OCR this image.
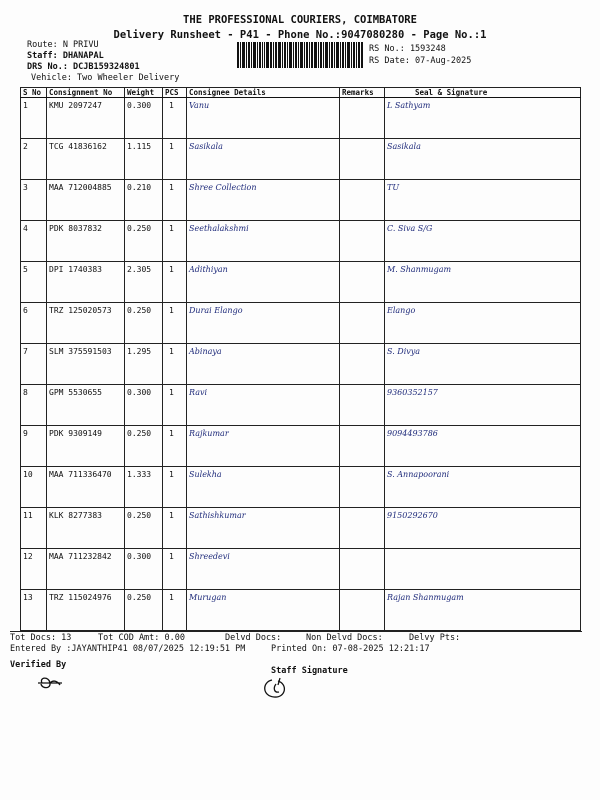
THE PROFESSIONAL COURIERS, COIMBATORE
Delivery Runsheet - P41 - Phone No.:9047080280 - Page No.:1
Route: N PRIVU
Staff: DHANAPAL
DRS No.: DCJB159324801
Vehicle: Two Wheeler Delivery
RS No.: 1593248
RS Date: 07-Aug-2025
S No	Consignment No	Weight	PCS	Consignee Details	Remarks	Seal & Signature
1	KMU 2097247	0.300	1	Vanu		L Sathyam
2	TCG 41836162	1.115	1	Sasikala		Sasikala
3	MAA 712004885	0.210	1	Shree Collection		TU
4	PDK 8037832	0.250	1	Seethalakshmi		C. Siva S/G
5	DPI 1740383	2.305	1	Adithiyan		M. Shanmugam
6	TRZ 125020573	0.250	1	Durai Elango		Elango
7	SLM 375591503	1.295	1	Abinaya		S. Divya
8	GPM 5530655	0.300	1	Ravi		9360352157
9	PDK 9309149	0.250	1	Rajkumar		9094493786
10	MAA 711336470	1.333	1	Sulekha		S. Annapoorani
11	KLK 8277383	0.250	1	Sathishkumar		9150292670
12	MAA 711232842	0.300	1	Shreedevi		
13	TRZ 115024976	0.250	1	Murugan		Rajan Shanmugam
Tot Docs: 13	Tot COD Amt: 0.00	Delvd Docs:	Non Delvd Docs:	Delvy Pts:
Entered By :JAYANTHIP41 08/07/2025 12:19:51 PM	Printed On: 07-08-2025 12:21:17
Verified By
Staff Signature
